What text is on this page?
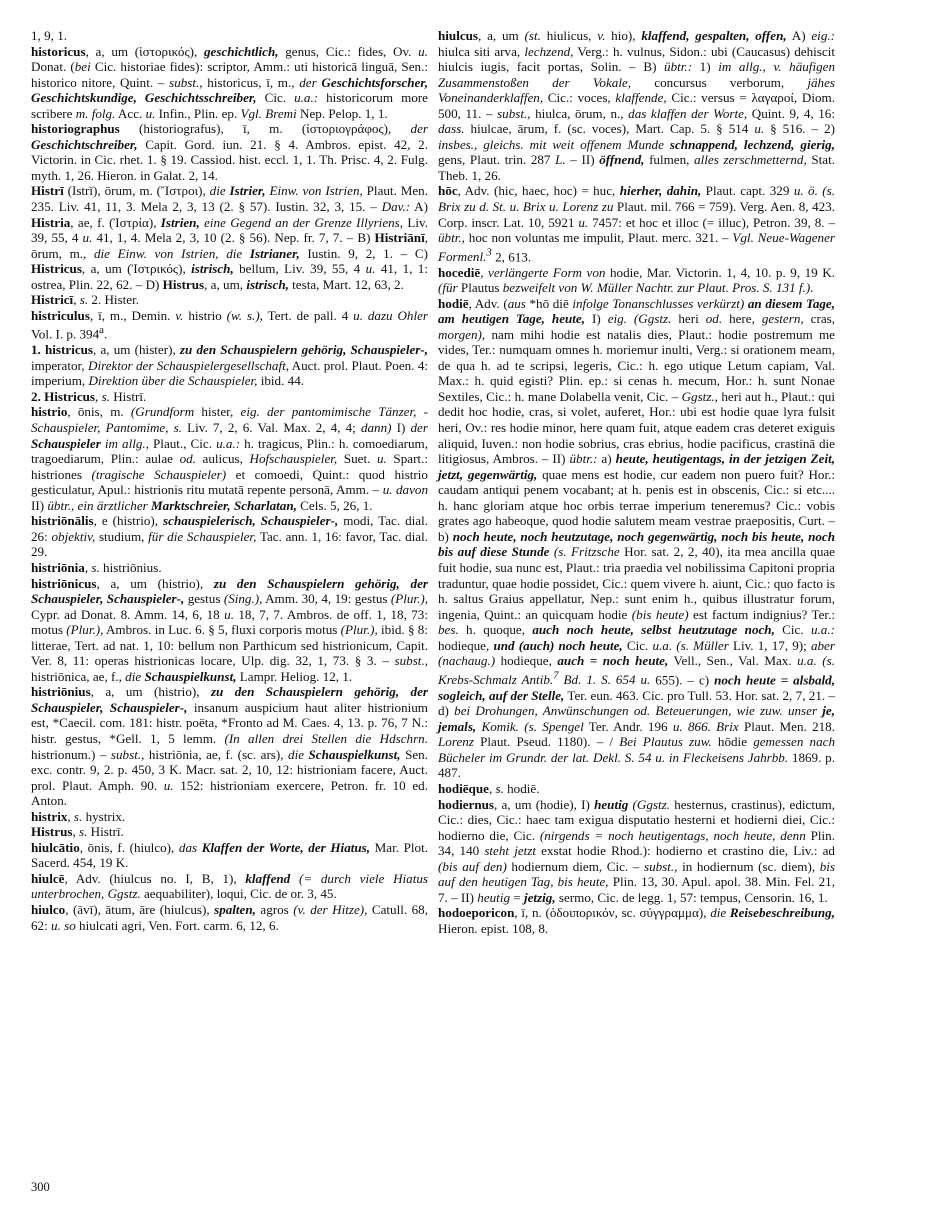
1, 9, 1.

historicus, a, um (ἱστορικός), geschichtlich, genus, Cic.: fides, Ov. u. Donat. (bei Cic. historiae fides): scriptor, Amm.: uti historicā linguā, Sen.: historico nitore, Quint. – subst., historicus, ī, m., der Geschichtsforscher, Geschichtskundige, Geschichtsschreiber, Cic. u.a.: historicorum more scribere m. folg. Acc. u. Infin., Plin. ep. Vgl. Bremi Nep. Pelop. 1, 1.

historiographus (historiografus), ī, m. (ἱστοριογράφος), der Geschichtschreiber, Capit. Gord. iun. 21. § 4. Ambros. epist. 42, 2. Victorin. in Cic. rhet. 1. § 19. Cassiod. hist. eccl. 1, 1. Th. Prisc. 4, 2. Fulg. myth. 1, 26. Hieron. in Galat. 2, 14.

Histrī (Istrī), ōrum, m. (Ἴστροι), die Istrier, Einw. von Istrien, Plaut. Men. 235. Liv. 41, 11, 3. Mela 2, 3, 13 (2. § 57). Iustin. 32, 3, 15. – Dav.: A) Histria, ae, f. (Ἰστρία), Istrien, eine Gegend an der Grenze Illyriens, Liv. 39, 55, 4 u. 41, 1, 4. Mela 2, 3, 10 (2. § 56). Nep. fr. 7, 7. – B) Histriānī, ōrum, m., die Einw. von Istrien, die Istrianer, Iustin. 9, 2, 1. – C) Histricus, a, um (Ἰστρικός), istrisch, bellum, Liv. 39, 55, 4 u. 41, 1, 1: ostrea, Plin. 22, 62. – D) Histrus, a, um, istrisch, testa, Mart. 12, 63, 2.

Histricī, s. 2. Hister.

histriculus, ī, m., Demin. v. histrio (w. s.), Tert. de pall. 4 u. dazu Ohler Vol. I. p. 394$^a$.

1. histricus, a, um (hister), zu den Schauspielern gehörig, Schauspieler-, imperator, Direktor der Schauspielergesellschaft, Auct. prol. Plaut. Poen. 4: imperium, Direktion über die Schauspieler, ibid. 44.

2. Histricus, s. Histrī.

histrio, ōnis, m. (Grundform hister, eig. der pantomimische Tänzer, -Schauspieler, Pantomime, s. Liv. 7, 2, 6. Val. Max. 2, 4, 4; dann) I) der Schauspieler im allg., Plaut., Cic. u.a.: h. tragicus, Plin.: h. comoediarum, tragoediarum, Plin.: aulae od. aulicus, Hofschauspieler, Suet. u. Spart.: histriones (tragische Schauspieler) et comoedi, Quint.: quod histrio gesticulatur, Apul.: histrionis ritu mutatā repente personā, Amm. – u. davon II) übtr., ein ärztlicher Marktschreier, Scharlatan, Cels. 5, 26, 1.

histriōnālis, e (histrio), schauspielerisch, Schauspieler-, modi, Tac. dial. 26: objektiv, studium, für die Schauspieler, Tac. ann. 1, 16: favor, Tac. dial. 29.

histriōnia, s. histriōnius.

histriōnicus, a, um (histrio), zu den Schauspielern gehörig, der Schauspieler, Schauspieler-, gestus (Sing.), Amm. 30, 4, 19: gestus (Plur.), Cypr. ad Donat. 8. Amm. 14, 6, 18 u. 18, 7, 7. Ambros. de off. 1, 18, 73: motus (Plur.), Ambros. in Luc. 6. § 5, fluxi corporis motus (Plur.), ibid. § 8: litterae, Tert. ad nat. 1, 10: bellum non Parthicum sed histrionicum, Capit. Ver. 8, 11: operas histrionicas locare, Ulp. dig. 32, 1, 73. § 3. – subst., histriōnica, ae, f., die Schauspielkunst, Lampr. Heliog. 12, 1.

histriōnius, a, um (histrio), zu den Schauspielern gehörig, der Schauspieler, Schauspieler-, insanum auspicium haut aliter histrionium est, *Caecil. com. 181: histr. poëta, *Fronto ad M. Caes. 4, 13. p. 76, 7 N.: histr. gestus, *Gell. 1, 5 lemm. (In allen drei Stellen die Hdschrn. histrionum.) – subst., histriōnia, ae, f. (sc. ars), die Schauspielkunst, Sen. exc. contr. 9, 2. p. 450, 3 K. Macr. sat. 2, 10, 12: histrioniam facere, Auct. prol. Plaut. Amph. 90. u. 152: histrioniam exercere, Petron. fr. 10 ed. Anton.

histrix, s. hystrix.

Histrus, s. Histrī.

hiulcātio, ōnis, f. (hiulco), das Klaffen der Worte, der Hiatus, Mar. Plot. Sacerd. 454, 19 K.

hiulcē, Adv. (hiulcus no. I, B, 1), klaffend (= durch viele Hiatus unterbrochen, Ggstz. aequabiliter), loqui, Cic. de or. 3, 45.

hiulco, (āvī), ātum, āre (hiulcus), spalten, agros (v. der Hitze), Catull. 68, 62: u. so hiulcati agri, Ven. Fort. carm. 6, 12, 6.

hiulcus, a, um (st. hiulicus, v. hio), klaffend, gespalten, offen, A) eig.: hiulca siti arva, lechzend, Verg.: h. vulnus, Sidon.: ubi (Caucasus) dehiscit hiulcis iugis, facit portas, Solin. – B) übtr.: 1) im allg., v. häufigen Zusammenstoßen der Vokale, concursus verborum, jähes Voneinanderklaffen, Cic.: voces, klaffende, Cic.: versus = λαγαροί, Diom. 500, 11. – subst., hiulca, ōrum, n., das klaffen der Worte, Quint. 9, 4, 16: dass. hiulcae, ārum, f. (sc. voces), Mart. Cap. 5. § 514 u. § 516. – 2) insbes., gleichs. mit weit offenem Munde schnappend, lechzend, gierig, gens, Plaut. trin. 287 L. – II) öffnend, fulmen, alles zerschmetternd, Stat. Theb. 1, 26.

hōc, Adv. (hic, haec, hoc) = huc, hierher, dahin, Plaut. capt. 329 u. ö. (s. Brix zu d. St. u. Brix u. Lorenz zu Plaut. mil. 766 = 759). Verg. Aen. 8, 423. Corp. inscr. Lat. 10, 5921 u. 7457: et hoc et illoc (= illuc), Petron. 39, 8. – übtr., hoc non voluntas me impulit, Plaut. merc. 321. – Vgl. Neue-Wagener Formenl.$^3$ 2, 613.

hocediē, verlängerte Form von hodie, Mar. Victorin. 1, 4, 10. p. 9, 19 K. (für Plautus bezweifelt von W. Müller Nachtr. zur Plaut. Pros. S. 131 f.).

hodiē, Adv. (aus *hō diē infolge Tonanschlusses verkürzt) an diesem Tage, am heutigen Tage, heute, I) eig. (Ggstz. heri od. here, gestern, cras, morgen), nam mihi hodie est natalis dies, Plaut.: hodie postremum me vides, Ter.: numquam omnes h. moriemur inulti, Verg.: si orationem meam, de qua h. ad te scripsi, legeris, Cic.: h. ego utique Letum capiam, Val. Max.: h. quid egisti? Plin. ep.: si cenas h. mecum, Hor.: h. sunt Nonae Sextiles, Cic.: h. mane Dolabella venit, Cic. – Ggstz., heri aut h., Plaut.: qui dedit hoc hodie, cras, si volet, auferet, Hor.: ubi est hodie quae lyra fulsit heri, Ov.: res hodie minor, here quam fuit, atque eadem cras deteret exiguis aliquid, Iuven.: non hodie sobrius, cras ebrius, hodie pacificus, crastinā die litigiosus, Ambros. – II) übtr.: a) heute, heutigentags, in der jetzigen Zeit, jetzt, gegenwärtig, quae mens est hodie, cur eadem non puero fuit? Hor.: caudam antiqui penem vocabant; at h. penis est in obscenis, Cic.: si etc.... h. hanc gloriam atque hoc orbis terrae imperium teneremus? Cic.: vobis grates ago habeoque, quod hodie salutem meam vestrae praepositis, Curt. – b) noch heute, noch heutzutage, noch gegenwärtig, noch bis heute, noch bis auf diese Stunde (s. Fritzsche Hor. sat. 2, 2, 40), ita mea ancilla quae fuit hodie, sua nunc est, Plaut.: tria praedia vel nobilissima Capitoni propria traduntur, quae hodie possidet, Cic.: quem vivere h. aiunt, Cic.: quo facto is h. saltus Graius appellatur, Nep.: sunt enim h., quibus illustratur forum, ingenia, Quint.: an quicquam hodie (bis heute) est factum indignius? Ter.: bes. h. quoque, auch noch heute, selbst heutzutage noch, Cic. u.a.: hodieque, und (auch) noch heute, Cic. u.a. (s. Müller Liv. 1, 17, 9); aber (nachaug.) hodieque, auch = noch heute, Vell., Sen., Val. Max. u.a. (s. Krebs-Schmalz Antib.$^7$ Bd. 1. S. 654 u. 655). – c) noch heute = alsbald, sogleich, auf der Stelle, Ter. eun. 463. Cic. pro Tull. 53. Hor. sat. 2, 7, 21. – d) bei Drohungen, Anwünschungen od. Beteuerungen, wie zuw. unser je, jemals, Komik. (s. Spengel Ter. Andr. 196 u. 866. Brix Plaut. Men. 218. Lorenz Plaut. Pseud. 1180). – / Bei Plautus zuw. hōdie gemessen nach Bücheler im Grundr. der lat. Dekl. S. 54 u. in Fleckeisens Jahrbb. 1869. p. 487.

hodiēque, s. hodiē.

hodiernus, a, um (hodie), I) heutig (Ggstz. hesternus, crastinus), edictum, Cic.: dies, Cic.: haec tam exigua disputatio hesterni et hodierni diei, Cic.: hodierno die, Cic. (nirgends = noch heutigentags, noch heute, denn Plin. 34, 140 steht jetzt exstat hodie Rhod.): hodierno et crastino die, Liv.: ad (bis auf den) hodiernum diem, Cic. – subst., in hodiernum (sc. diem), bis auf den heutigen Tag, bis heute, Plin. 13, 30. Apul. apol. 38. Min. Fel. 21, 7. – II) heutig = jetzig, sermo, Cic. de legg. 1, 57: tempus, Censorin. 16, 1.

hodoeporicon, ī, n. (ὁδοιπορικόν, sc. σύγγραμμα), die Reisebeschreibung, Hieron. epist. 108, 8.

300
